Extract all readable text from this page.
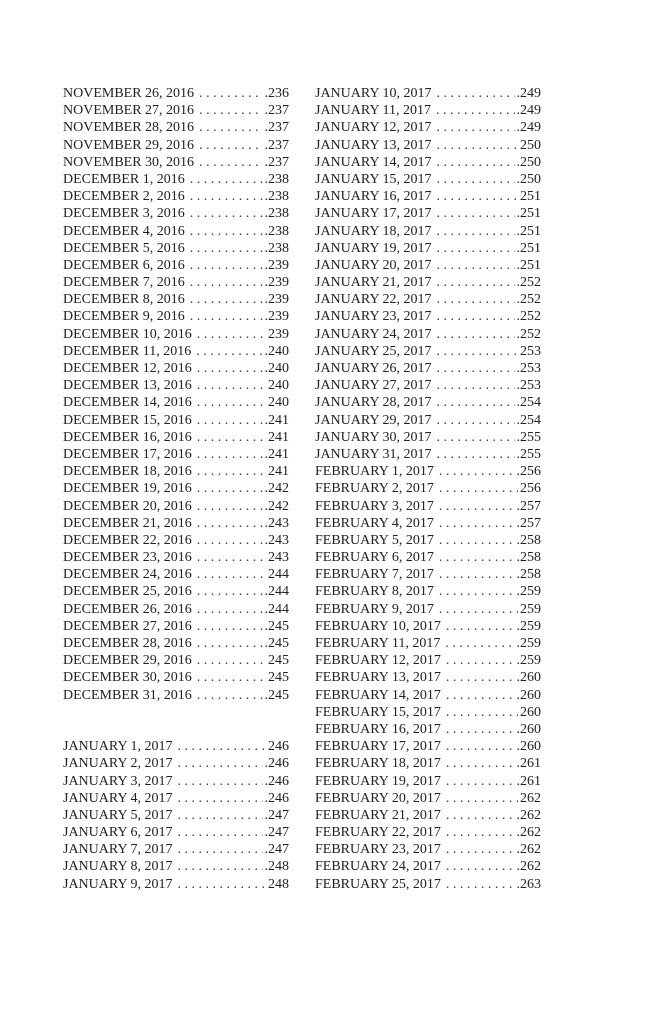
NOVEMBER 26, 2016 . . .	.236
NOVEMBER 27, 2016 . . .	.237
NOVEMBER 28, 2016 . . .	.237
NOVEMBER 29, 2016 . . .	.237
NOVEMBER 30, 2016 . . .	.237
DECEMBER 1, 2016 . . .	.238
DECEMBER 2, 2016 . . .	.238
DECEMBER 3, 2016 . . .	.238
DECEMBER 4, 2016 . . .	.238
DECEMBER 5, 2016 . . .	.238
DECEMBER 6, 2016 . . .	.239
DECEMBER 7, 2016 . . .	.239
DECEMBER 8, 2016 . . .	.239
DECEMBER 9, 2016 . . .	.239
DECEMBER 10, 2016 . . .	239
DECEMBER 11, 2016 . . .	.240
DECEMBER 12, 2016 . . .	.240
DECEMBER 13, 2016 . . .	240
DECEMBER 14, 2016 . . .	240
DECEMBER 15, 2016 . . .	.241
DECEMBER 16, 2016 . . .	241
DECEMBER 17, 2016 . . .	.241
DECEMBER 18, 2016 . . .	241
DECEMBER 19, 2016 . . .	.242
DECEMBER 20, 2016 . . .	.242
DECEMBER 21, 2016 . . .	.243
DECEMBER 22, 2016 . . .	.243
DECEMBER 23, 2016 . . .	243
DECEMBER 24, 2016 . . .	244
DECEMBER 25, 2016 . . .	.244
DECEMBER 26, 2016 . . .	.244
DECEMBER 27, 2016 . . .	.245
DECEMBER 28, 2016 . . .	.245
DECEMBER 29, 2016 . . .	245
DECEMBER 30, 2016 . . .	245
DECEMBER 31, 2016 . . .	.245
JANUARY 1, 2017 . . .	246
JANUARY 2, 2017 . . .	.246
JANUARY 3, 2017 . . .	.246
JANUARY 4, 2017 . . .	.246
JANUARY 5, 2017 . . .	.247
JANUARY 6, 2017 . . .	.247
JANUARY 7, 2017 . . .	.247
JANUARY 8, 2017 . . .	.248
JANUARY 9, 2017 . . .	248
JANUARY 10, 2017 . . .	.249
JANUARY 11, 2017 . . .	.249
JANUARY 12, 2017 . . .	.249
JANUARY 13, 2017 . . .	250
JANUARY 14, 2017 . . .	.250
JANUARY 15, 2017 . . .	.250
JANUARY 16, 2017 . . .	251
JANUARY 17, 2017 . . .	.251
JANUARY 18, 2017 . . .	.251
JANUARY 19, 2017 . . .	.251
JANUARY 20, 2017 . . .	.251
JANUARY 21, 2017 . . .	.252
JANUARY 22, 2017 . . .	.252
JANUARY 23, 2017 . . .	.252
JANUARY 24, 2017 . . .	.252
JANUARY 25, 2017 . . .	253
JANUARY 26, 2017 . . .	.253
JANUARY 27, 2017 . . .	.253
JANUARY 28, 2017 . . .	.254
JANUARY 29, 2017 . . .	.254
JANUARY 30, 2017 . . .	.255
JANUARY 31, 2017 . . .	.255
FEBRUARY 1, 2017 . . .	.256
FEBRUARY 2, 2017 . . .	256
FEBRUARY 3, 2017 . . .	.257
FEBRUARY 4, 2017 . . .	.257
FEBRUARY 5, 2017 . . .	.258
FEBRUARY 6, 2017 . . .	.258
FEBRUARY 7, 2017 . . .	.258
FEBRUARY 8, 2017 . . .	.259
FEBRUARY 9, 2017 . . .	259
FEBRUARY 10, 2017 . . .	.259
FEBRUARY 11, 2017 . . .	.259
FEBRUARY 12, 2017 . . .	.259
FEBRUARY 13, 2017 . . .	.260
FEBRUARY 14, 2017 . . .	.260
FEBRUARY 15, 2017 . . .	260
FEBRUARY 16, 2017 . . .	.260
FEBRUARY 17, 2017 . . .	.260
FEBRUARY 18, 2017 . . .	.261
FEBRUARY 19, 2017 . . .	.261
FEBRUARY 20, 2017 . . .	262
FEBRUARY 21, 2017 . . .	.262
FEBRUARY 22, 2017 . . .	.262
FEBRUARY 23, 2017 . . .	.262
FEBRUARY 24, 2017 . . .	.262
FEBRUARY 25, 2017 . . .	.263
